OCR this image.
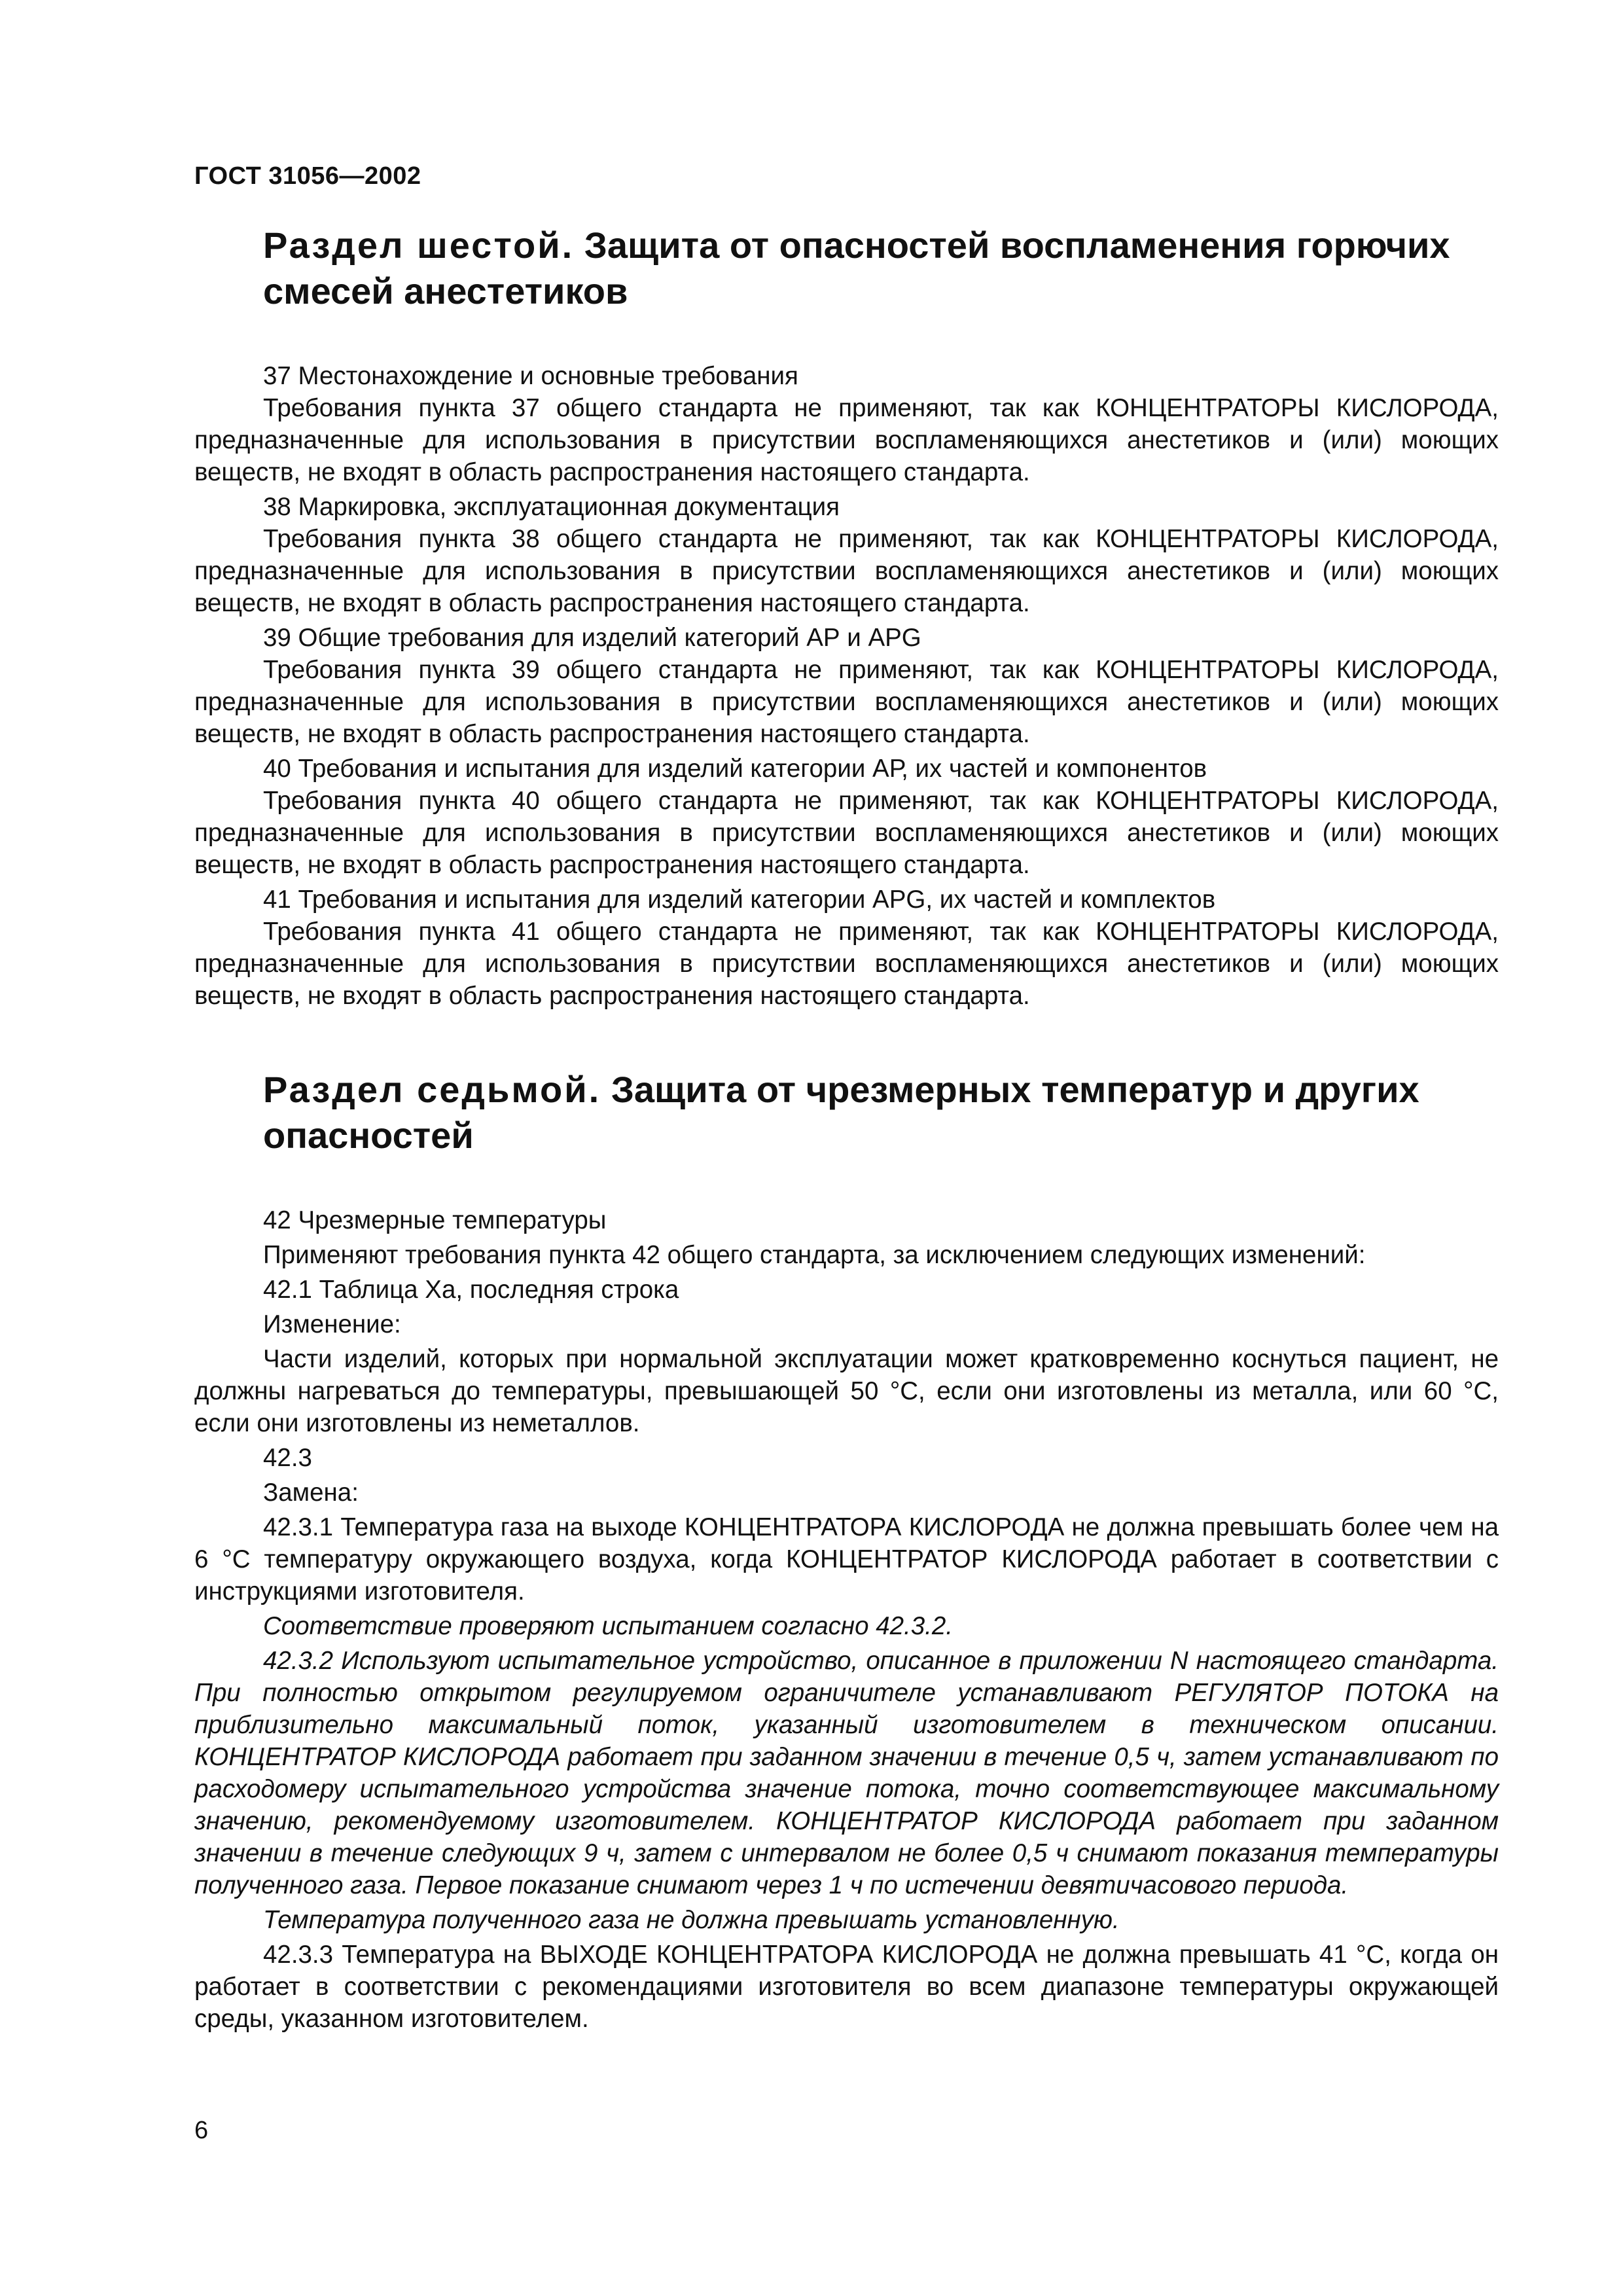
ГОСТ 31056—2002
Раздел шестой. Защита от опасностей воспламенения горючих смесей анестетиков

37 Местонахождение и основные требования

Требования пункта 37 общего стандарта не применяют, так как КОНЦЕНТРАТОРЫ КИСЛОРОДА, предназначенные для использования в присутствии воспламеняющихся анестетиков и (или) моющих веществ, не входят в область распространения настоящего стандарта.

38 Маркировка, эксплуатационная документация

Требования пункта 38 общего стандарта не применяют, так как КОНЦЕНТРАТОРЫ КИСЛОРОДА, предназначенные для использования в присутствии воспламеняющихся анестетиков и (или) моющих веществ, не входят в область распространения настоящего стандарта.

39 Общие требования для изделий категорий АР и APG

Требования пункта 39 общего стандарта не применяют, так как КОНЦЕНТРАТОРЫ КИСЛОРОДА, предназначенные для использования в присутствии воспламеняющихся анестетиков и (или) моющих веществ, не входят в область распространения настоящего стандарта.

40 Требования и испытания для изделий категории АР, их частей и компонентов

Требования пункта 40 общего стандарта не применяют, так как КОНЦЕНТРАТОРЫ КИСЛОРОДА, предназначенные для использования в присутствии воспламеняющихся анестетиков и (или) моющих веществ, не входят в область распространения настоящего стандарта.

41 Требования и испытания для изделий категории APG, их частей и комплектов

Требования пункта 41 общего стандарта не применяют, так как КОНЦЕНТРАТОРЫ КИСЛОРОДА, предназначенные для использования в присутствии воспламеняющихся анестетиков и (или) моющих веществ, не входят в область распространения настоящего стандарта.

Раздел седьмой. Защита от чрезмерных температур и других опасностей

42 Чрезмерные температуры

Применяют требования пункта 42 общего стандарта, за исключением следующих изменений:

42.1 Таблица Ха, последняя строка

Изменение:

Части изделий, которых при нормальной эксплуатации может кратковременно коснуться пациент, не должны нагреваться до температуры, превышающей 50 °С, если они изготовлены из металла, или 60 °С, если они изготовлены из неметаллов.

42.3

Замена:

42.3.1 Температура газа на выходе КОНЦЕНТРАТОРА КИСЛОРОДА не должна превышать более чем на 6 °С температуру окружающего воздуха, когда КОНЦЕНТРАТОР КИСЛОРОДА работает в соответствии с инструкциями изготовителя.

Соответствие проверяют испытанием согласно 42.3.2.

42.3.2 Используют испытательное устройство, описанное в приложении N настоящего стандарта. При полностью открытом регулируемом ограничителе устанавливают РЕГУЛЯТОР ПОТОКА на приблизительно максимальный поток, указанный изготовителем в техническом описании. КОНЦЕНТРАТОР КИСЛОРОДА работает при заданном значении в течение 0,5 ч, затем устанавливают по расходомеру испытательного устройства значение потока, точно соответствующее максимальному значению, рекомендуемому изготовителем. КОНЦЕНТРАТОР КИСЛОРОДА работает при заданном значении в течение следующих 9 ч, затем с интервалом не более 0,5 ч снимают показания температуры полученного газа. Первое показание снимают через 1 ч по истечении девятичасового периода.

Температура полученного газа не должна превышать установленную.

42.3.3 Температура на ВЫХОДЕ КОНЦЕНТРАТОРА КИСЛОРОДА не должна превышать 41 °С, когда он работает в соответствии с рекомендациями изготовителя во всем диапазоне температуры окружающей среды, указанном изготовителем.

6
